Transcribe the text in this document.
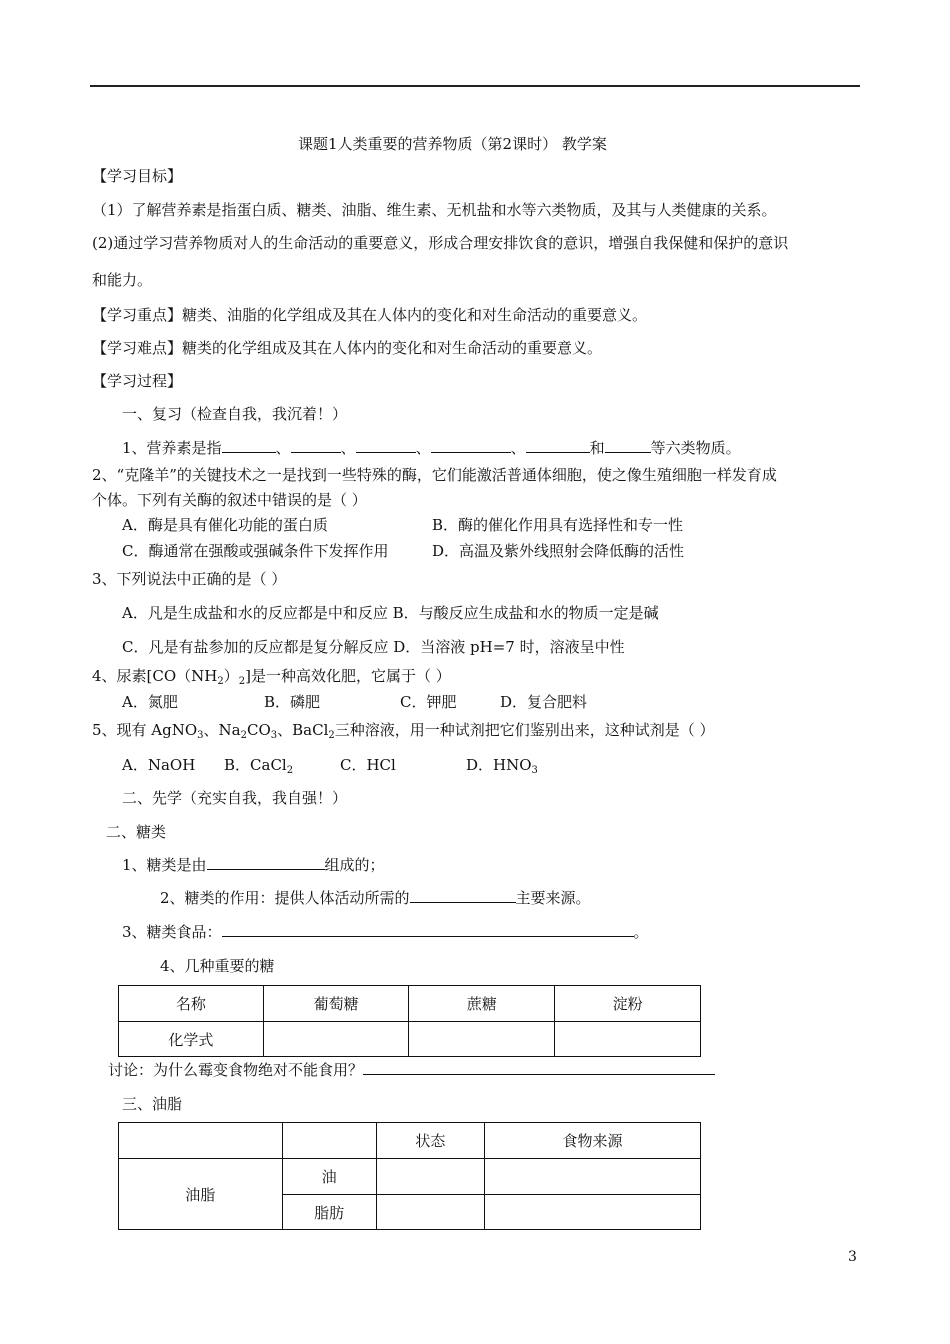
课题1人类重要的营养物质（第2课时） 教学案
【学习目标】
（1）了解营养素是指蛋白质、糖类、油脂、维生素、无机盐和水等六类物质，及其与人类健康的关系。
(2)通过学习营养物质对人的生命活动的重要意义，形成合理安排饮食的意识，增强自我保健和保护的意识
和能力。
【学习重点】糖类、油脂的化学组成及其在人体内的变化和对生命活动的重要意义。
【学习难点】糖类的化学组成及其在人体内的变化和对生命活动的重要意义。
【学习过程】
一、复习（检查自我，我沉着！）
1、营养素是指	、	、	、	、	和	等六类物质。
2、“克隆羊”的关键技术之一是找到一些特殊的酶，它们能激活普通体细胞，使之像生殖细胞一样发育成
个体。下列有关酶的叙述中错误的是（ ）
A．酶是具有催化功能的蛋白质	B．酶的催化作用具有选择性和专一性
C．酶通常在强酸或强碱条件下发挥作用	D．高温及紫外线照射会降低酶的活性
3、下列说法中正确的是（ ）
A．凡是生成盐和水的反应都是中和反应 B．与酸反应生成盐和水的物质一定是碱
C．凡是有盐参加的反应都是复分解反应 D．当溶液 pH=7 时，溶液呈中性
4、尿素$[CO(NH_2)_2]$是一种高效化肥，它属于（ ）
A．氮肥	B．磷肥	C．钾肥	D．复合肥料
5、现有 AgNO$_3$、$Na_2CO_3$、BaCl$_2$三种溶液，用一种试剂把它们鉴别出来，这种试剂是（ ）
A．NaOH B．CaCl$_2$	C．HCl	D．$HNO_3$
二、先学（充实自我，我自强！）
二、糖类
1、糖类是由	组成的；
2、糖类的作用：提供人体活动所需的	主要来源。
3、糖类食品：	。
4、几种重要的糖
名称	葡萄糖	蔗糖	淀粉
化学式			
讨论：为什么霉变食物绝对不能食用？
三、油脂
		状态	食物来源
油脂	油		
	脂肪		
3
